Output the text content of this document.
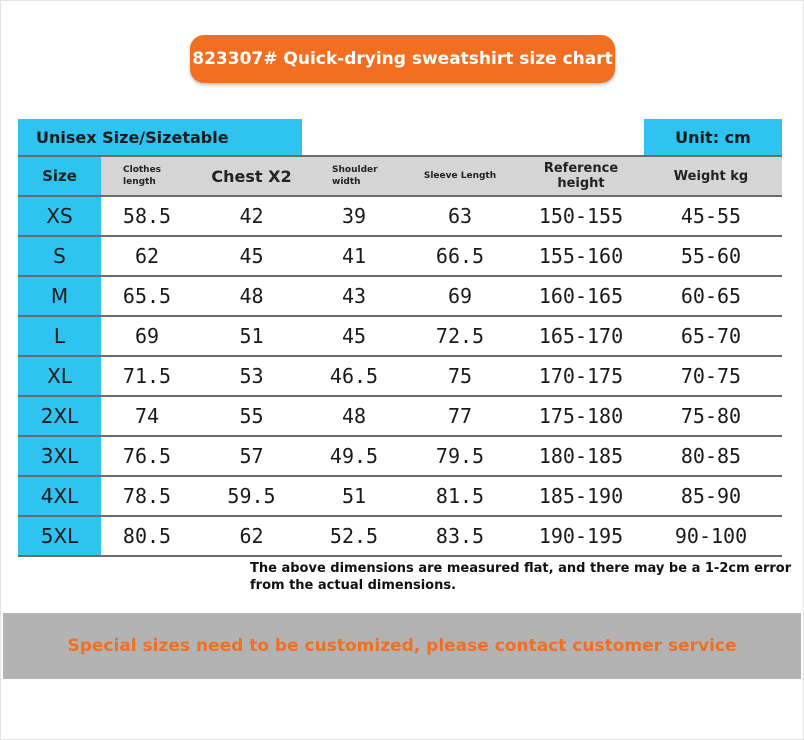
823307# Quick-drying sweatshirt size chart
Unisex Size/Sizetable	Unit: cm
Size	Clothes length	Chest X2	Shoulder width	Sleeve Length	Reference height	Weight kg
XS	58.5	42	39	63	150-155	45-55
S	62	45	41	66.5	155-160	55-60
M	65.5	48	43	69	160-165	60-65
L	69	51	45	72.5	165-170	65-70
XL	71.5	53	46.5	75	170-175	70-75
2XL	74	55	48	77	175-180	75-80
3XL	76.5	57	49.5	79.5	180-185	80-85
4XL	78.5	59.5	51	81.5	185-190	85-90
5XL	80.5	62	52.5	83.5	190-195	90-100
The above dimensions are measured flat, and there may be a 1-2cm error from the actual dimensions.
Special sizes need to be customized, please contact customer service
